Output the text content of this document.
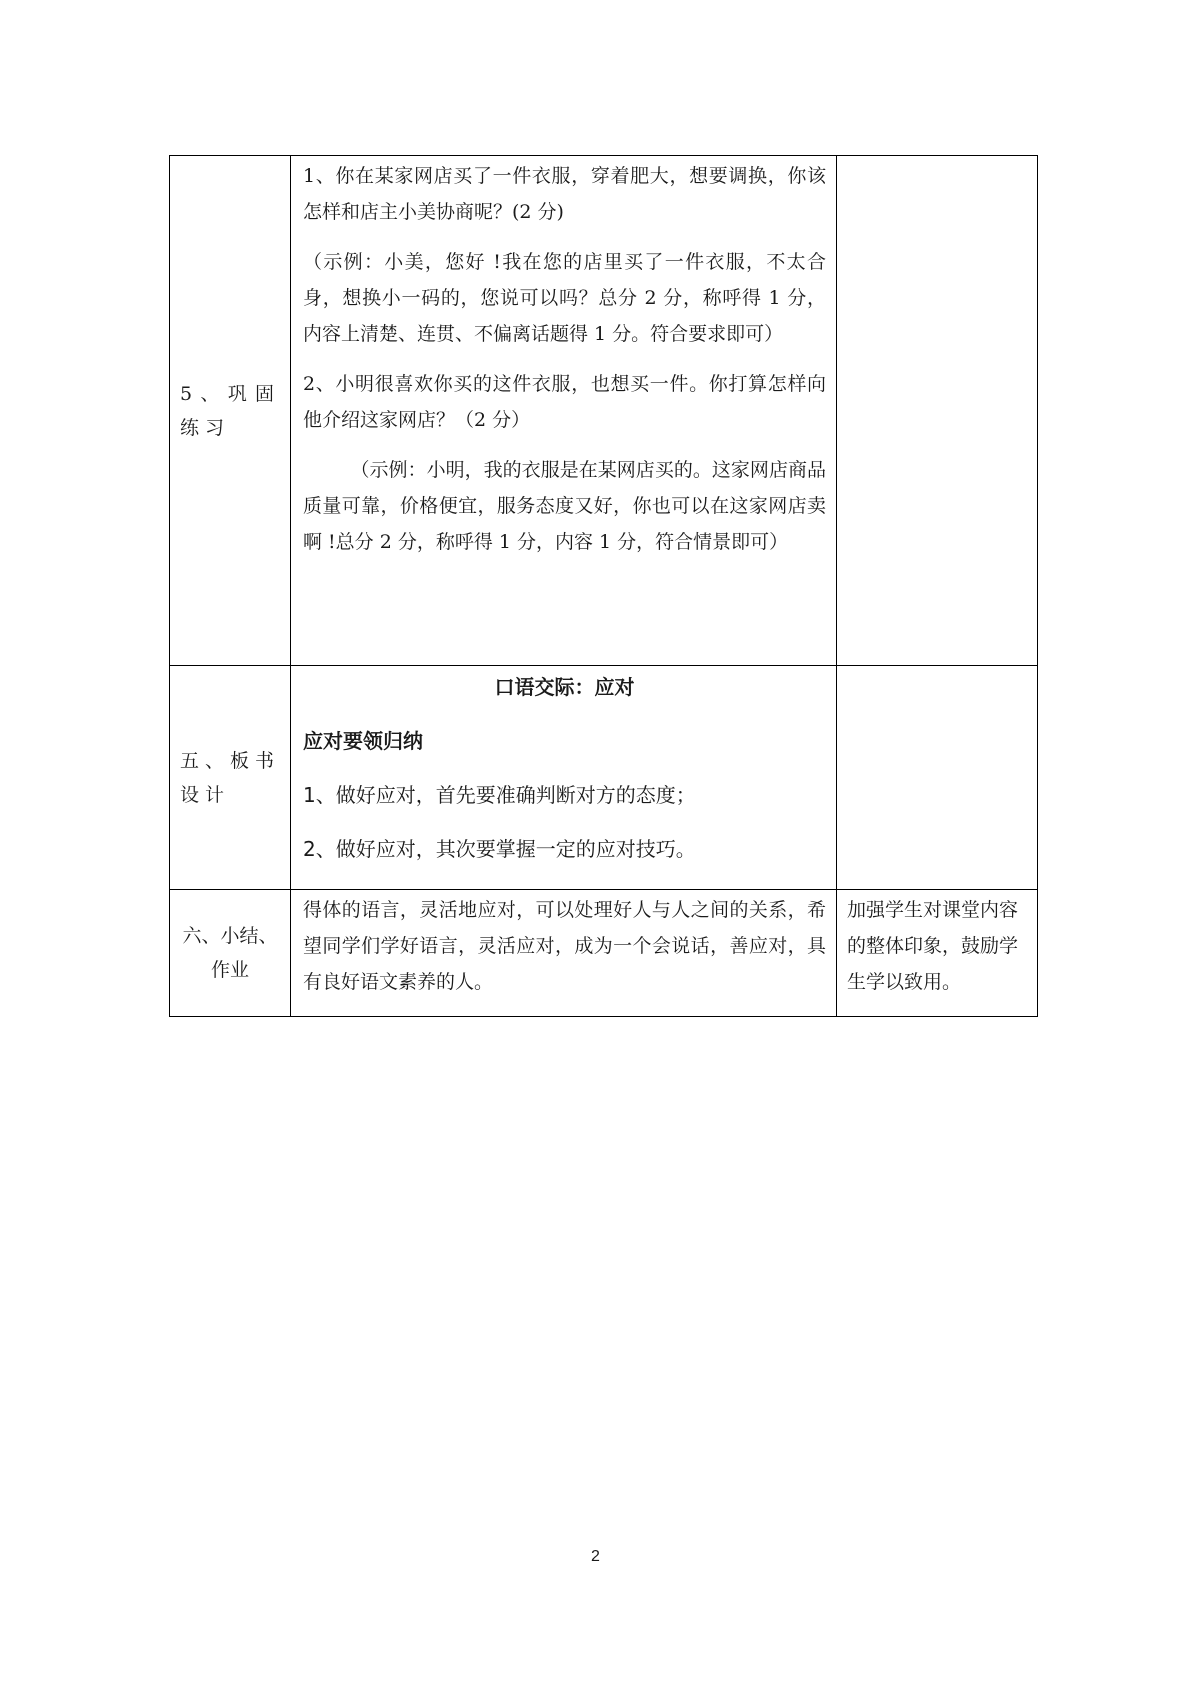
5、巩固练习	1、你在某家网店买了一件衣服，穿着肥大，想要调换，你该怎样和店主小美协商呢？(2 分)

（示例：小美，您好 !我在您的店里买了一件衣服，不太合身，想换小一码的，您说可以吗？总分 2 分，称呼得 1 分，内容上清楚、连贯、不偏离话题得 1 分。符合要求即可）

2、小明很喜欢你买的这件衣服，也想买一件。你打算怎样向他介绍这家网店？（2 分）

（示例：小明，我的衣服是在某网店买的。这家网店商品质量可靠，价格便宜，服务态度又好，你也可以在这家网店卖啊 !总分 2 分，称呼得 1 分，内容 1 分，符合情景即可）	

五、板书设计	口语交际：应对

应对要领归纳

1、做好应对，首先要准确判断对方的态度；

2、做好应对，其次要掌握一定的应对技巧。	

六、小结、作业	得体的语言，灵活地应对，可以处理好人与人之间的关系，希望同学们学好语言，灵活应对，成为一个会说话，善应对，具有良好语文素养的人。	加强学生对课堂内容的整体印象，鼓励学生学以致用。

2
